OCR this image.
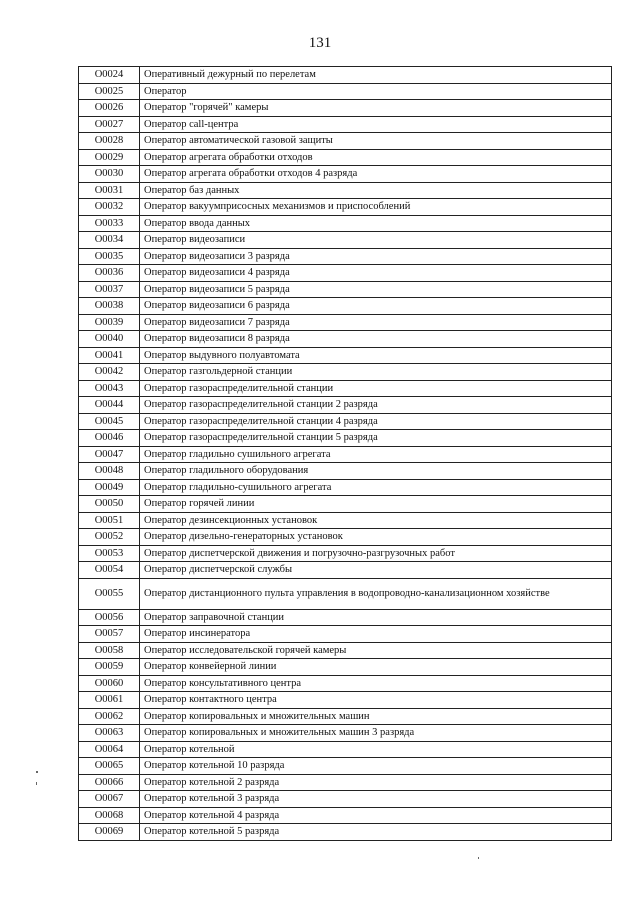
131
O0024	Оперативный дежурный по перелетам
O0025	Оператор
O0026	Оператор "горячей" камеры
O0027	Оператор call-центра
O0028	Оператор автоматической газовой защиты
O0029	Оператор агрегата обработки отходов
O0030	Оператор агрегата обработки отходов 4 разряда
O0031	Оператор баз данных
O0032	Оператор вакуумприсосных механизмов и приспособлений
O0033	Оператор ввода данных
O0034	Оператор видеозаписи
O0035	Оператор видеозаписи 3 разряда
O0036	Оператор видеозаписи 4 разряда
O0037	Оператор видеозаписи 5 разряда
O0038	Оператор видеозаписи 6 разряда
O0039	Оператор видеозаписи 7 разряда
O0040	Оператор видеозаписи 8 разряда
O0041	Оператор выдувного полуавтомата
O0042	Оператор газгольдерной станции
O0043	Оператор газораспределительной станции
O0044	Оператор газораспределительной станции 2 разряда
O0045	Оператор газораспределительной станции 4 разряда
O0046	Оператор газораспределительной станции 5 разряда
O0047	Оператор гладильно сушильного агрегата
O0048	Оператор гладильного оборудования
O0049	Оператор гладильно-сушильного агрегата
O0050	Оператор горячей линии
O0051	Оператор дезинсекционных установок
O0052	Оператор дизельно-генераторных установок
O0053	Оператор диспетчерской движения и погрузочно-разгрузочных работ
O0054	Оператор диспетчерской службы
O0055	Оператор дистанционного пульта управления в водопроводно-канализационном хозяйстве
O0056	Оператор заправочной станции
O0057	Оператор инсинератора
O0058	Оператор исследовательской горячей камеры
O0059	Оператор конвейерной линии
O0060	Оператор консультативного центра
O0061	Оператор контактного центра
O0062	Оператор копировальных и множительных машин
O0063	Оператор копировальных и множительных машин 3 разряда
O0064	Оператор котельной
O0065	Оператор котельной 10 разряда
O0066	Оператор котельной 2 разряда
O0067	Оператор котельной 3 разряда
O0068	Оператор котельной 4 разряда
O0069	Оператор котельной 5 разряда
